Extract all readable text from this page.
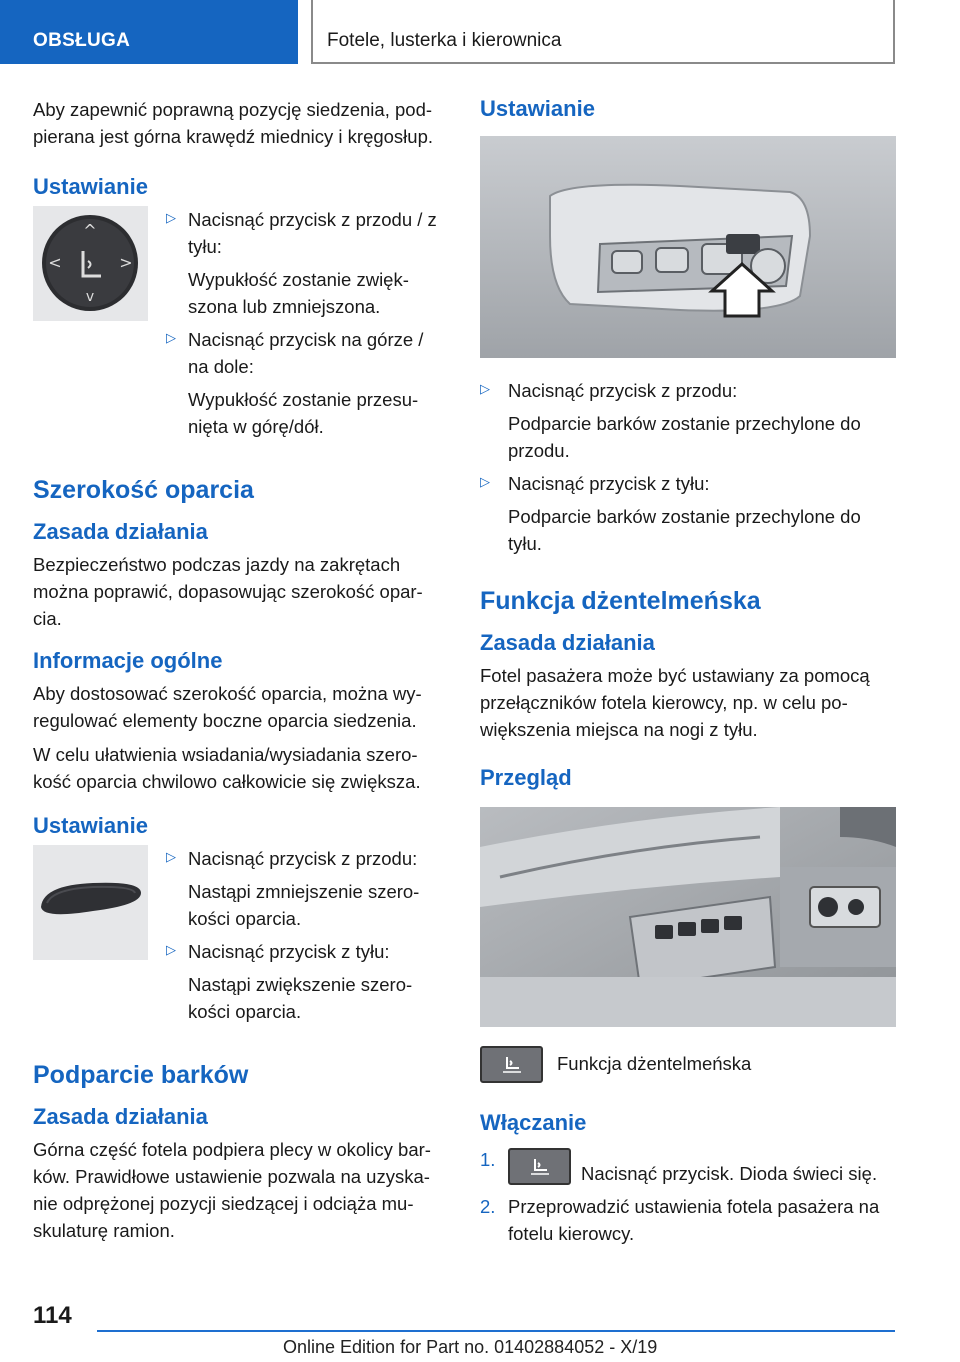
OBSŁUGA	Fotele, lusterka i kierownica

Aby zapewnić poprawną pozycję siedzenia, pod-pierana jest górna krawędź miednicy i kręgosłup.

Ustawianie
^
v
<	>
▷ Nacisnąć przycisk z przodu / z tyłu:

Wypukłość zostanie zwięk-szona lub zmniejszona.

▷ Nacisnąć przycisk na górze / na dole:

Wypukłość zostanie przesu-nięta w górę/dół.

Szerokość oparcia
Zasada działania

Bezpieczeństwo podczas jazdy na zakrętach można poprawić, dopasowując szerokość opar-cia.

Informacje ogólne

Aby dostosować szerokość oparcia, można wy-regulować elementy boczne oparcia siedzenia.

W celu ułatwienia wsiadania/wysiadania szero-kość oparcia chwilowo całkowicie się zwiększa.

Ustawianie
▷ Nacisnąć przycisk z przodu:

Nastąpi zmniejszenie szero-kości oparcia.

▷ Nacisnąć przycisk z tyłu:

Nastąpi zwiększenie szero-kości oparcia.

Podparcie barków
Zasada działania

Górna część fotela podpiera plecy w okolicy bar-ków. Prawidłowe ustawienie pozwala na uzyska-nie odprężonej pozycji siedzącej i odciąża mu-skulaturę ramion.

Ustawianie
▷ Nacisnąć przycisk z przodu:

Podparcie barków zostanie przechylone do przodu.

▷ Nacisnąć przycisk z tyłu:

Podparcie barków zostanie przechylone do tyłu.

Funkcja dżentelmeńska
Zasada działania

Fotel pasażera może być ustawiany za pomocą przełączników fotela kierowcy, np. w celu po-większenia miejsca na nogi z tyłu.

Przegląd

Funkcja dżentelmeńska

Włączanie
1.

Nacisnąć przycisk. Dioda świeci się.

2. Przeprowadzić ustawienia fotela pasażera na fotelu kierowcy.

114
Online Edition for Part no. 01402884052 - X/19
